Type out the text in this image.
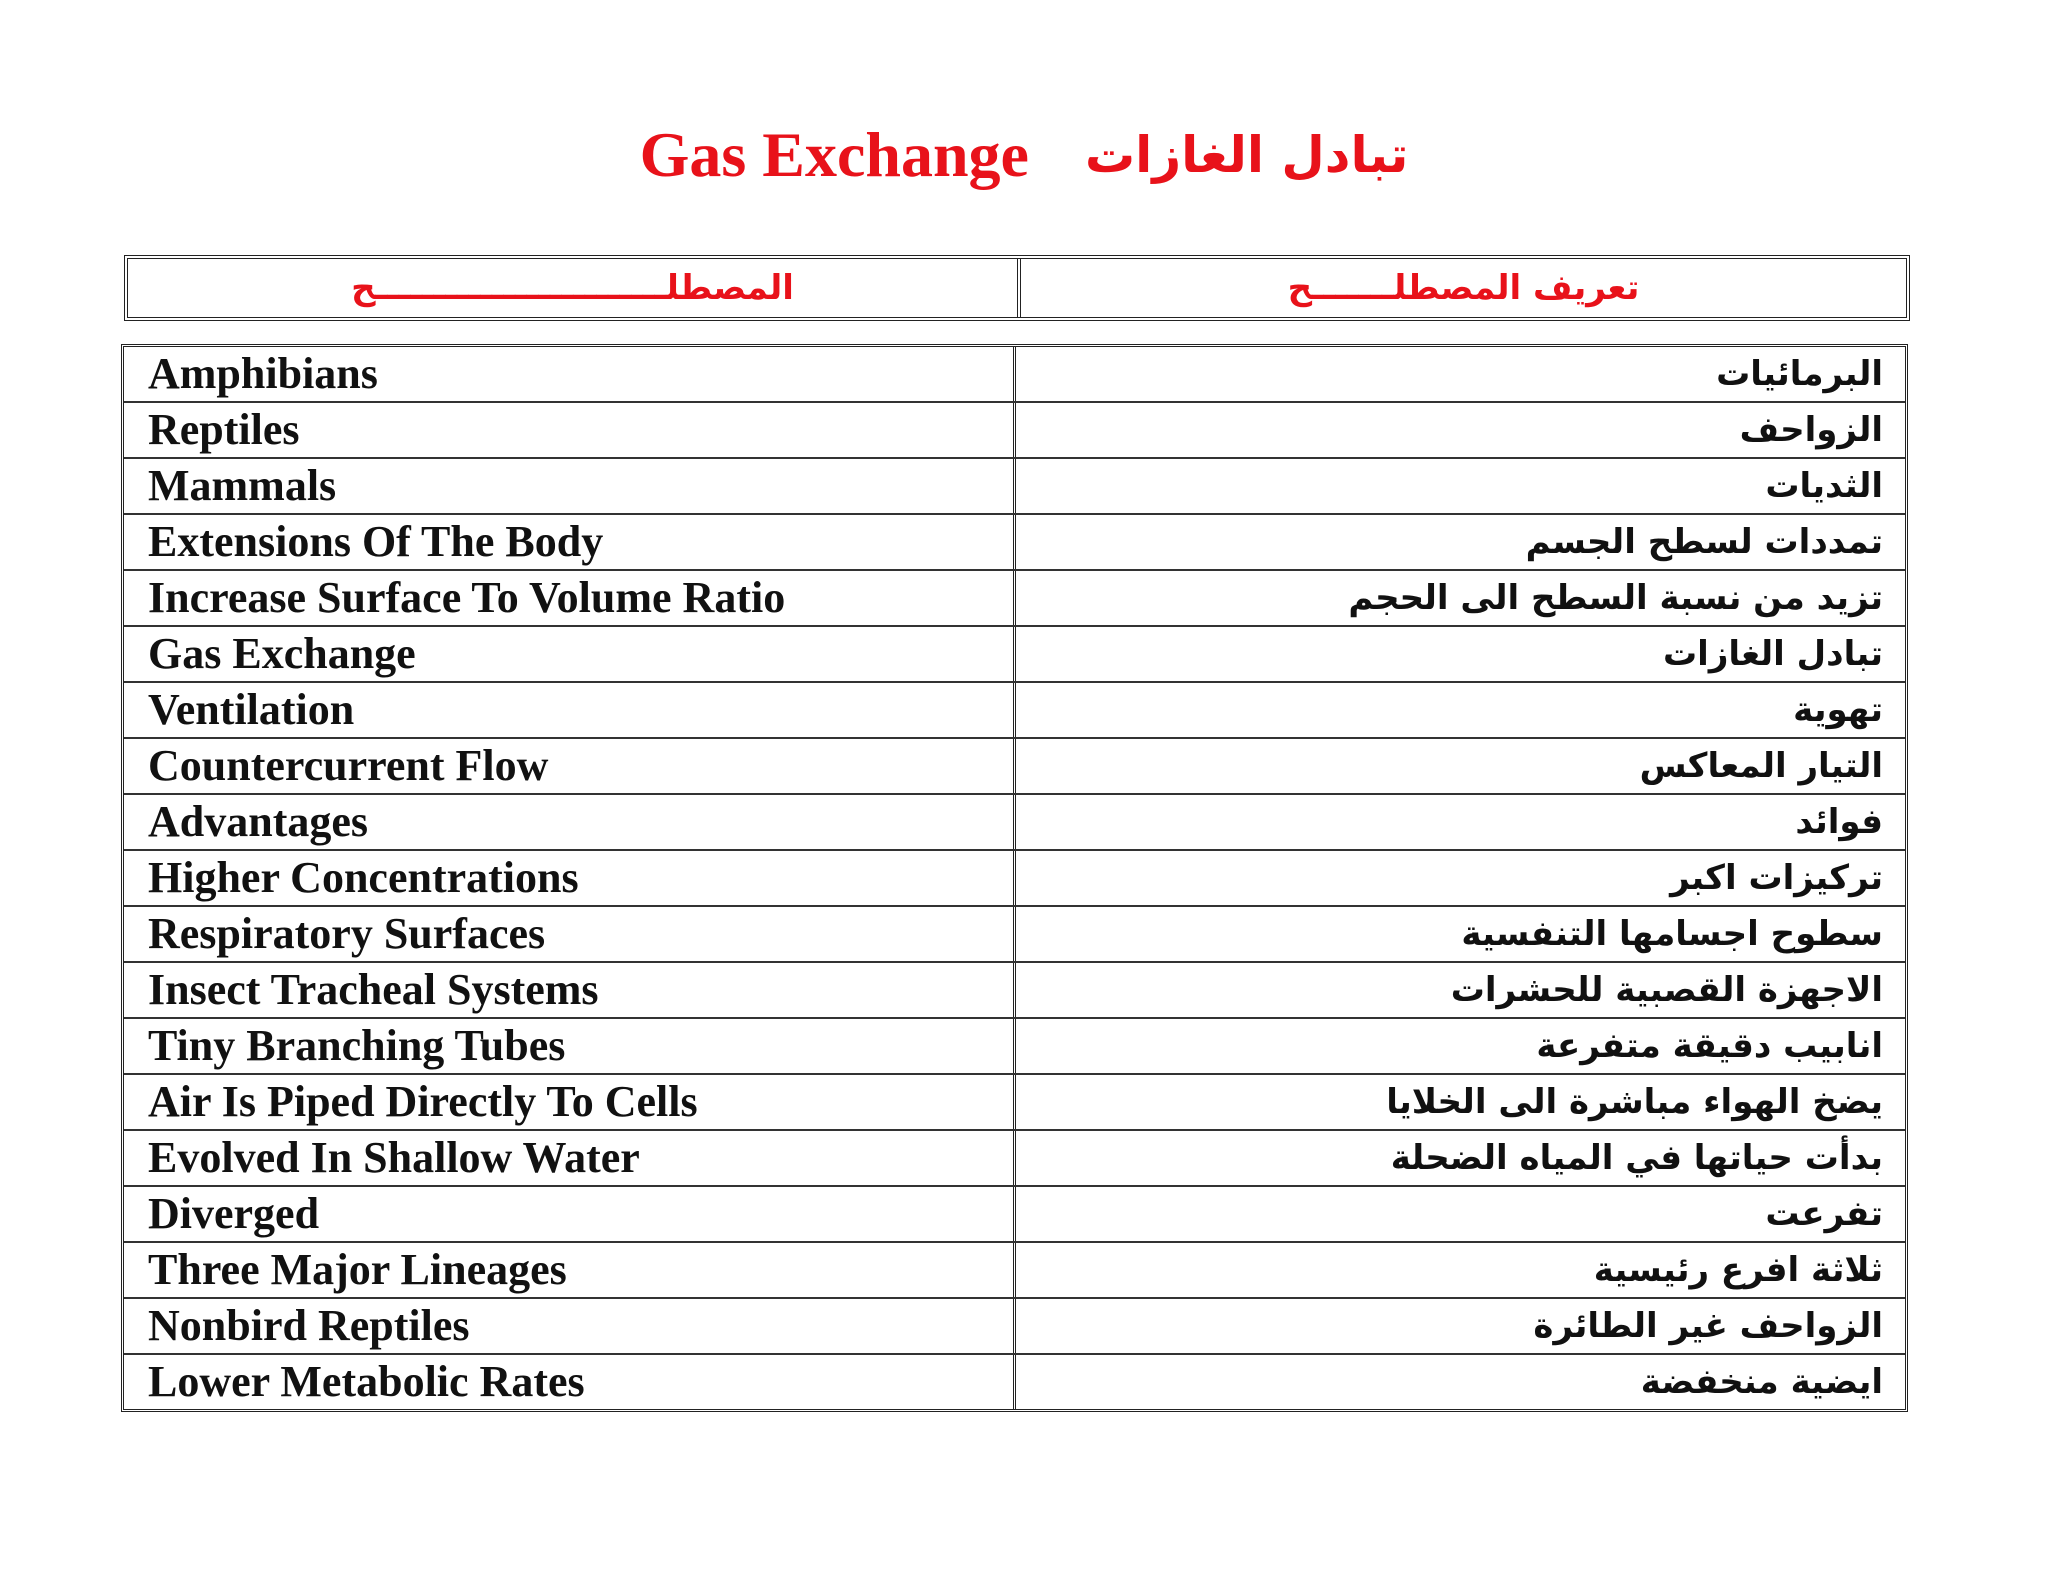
Gas Exchange تبادل الغازات
المصطلـــــــــــــــــــــــــح	تعريف المصطلـــــــح
Amphibians	البرمائيات
Reptiles	الزواحف
Mammals	الثديات
Extensions Of The Body	تمددات لسطح الجسم
Increase Surface To Volume Ratio	تزيد من نسبة السطح الى الحجم
Gas Exchange	تبادل الغازات
Ventilation	تهوية
Countercurrent Flow	التيار المعاكس
Advantages	فوائد
Higher Concentrations	تركيزات اكبر
Respiratory Surfaces	سطوح اجسامها التنفسية
Insect Tracheal Systems	الاجهزة القصبية للحشرات
Tiny Branching Tubes	انابيب دقيقة متفرعة
Air Is Piped Directly To Cells	يضخ الهواء مباشرة الى الخلايا
Evolved In Shallow Water	بدأت حياتها في المياه الضحلة
Diverged	تفرعت
Three Major Lineages	ثلاثة افرع رئيسية
Nonbird Reptiles	الزواحف غير الطائرة
Lower Metabolic Rates	ايضية منخفضة
